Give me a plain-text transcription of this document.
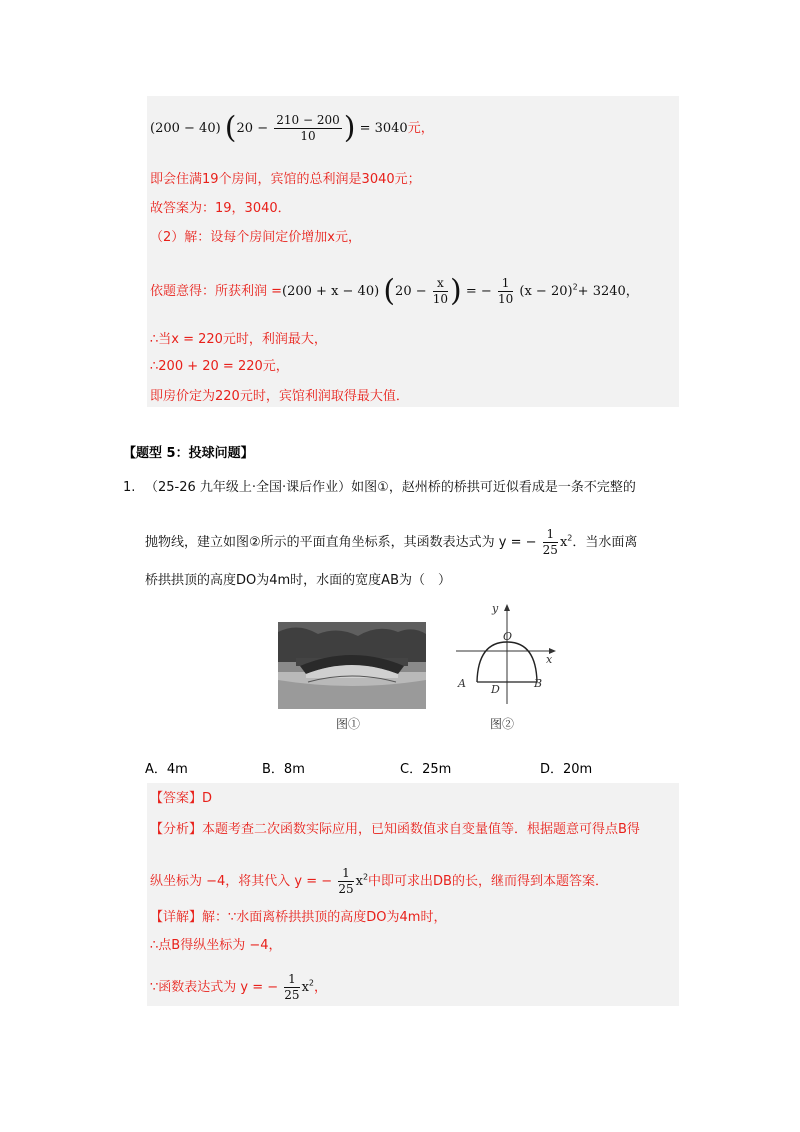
(200 − 40) ($20 - \frac{210 - 200}{10}$ ) = 3040元，
即会住满19个房间，宾馆的总利润是3040元；
故答案为：19，3040．
（2）解：设每个房间定价增加x元，
依题意得：所获利润 =(200 + x − 40) ($20 - \frac{x}{10}$ ) = − $\frac{1}{10} (x - 20)^2+ 3240$，
∴当x = 220元时，利润最大，
∴200 + 20 = 220元，
即房价定为220元时，宾馆利润取得最大值．
【题型 5：投球问题】
1. （25-26 九年级上·全国·课后作业）如图①，赵州桥的桥拱可近似看成是一条不完整的
抛物线，建立如图②所示的平面直角坐标系，其函数表达式为 y = − $\frac{1}{25} x^2$．当水面离
桥拱拱顶的高度DO为4m时，水面的宽度AB为（　）
图①
y
x
O
A	B
D
图②
A．4m	B．8m	C．25m	D．20m
【答案】D
【分析】本题考查二次函数实际应用，已知函数值求自变量值等．根据题意可得点B得
纵坐标为 −4，将其代入 y = − $\frac{1}{25} x^2$中即可求出DB的长，继而得到本题答案．
【详解】解：∵水面离桥拱拱顶的高度DO为4m时，
∴点B得纵坐标为 −4，
∵函数表达式为 y = − $\frac{1}{25} x^2$，
